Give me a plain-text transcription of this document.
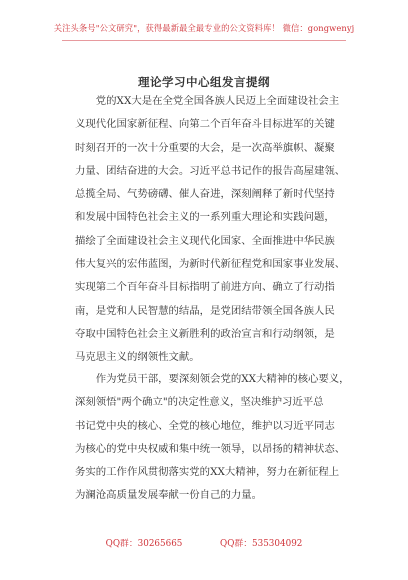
关注头条号"公文研究"，获得最新最全最专业的公文资料库！ 微信：gongwenyj
理论学习中心组发言提纲
　　党的XX大是在全党全国各族人民迈上全面建设社会主
义现代化国家新征程、向第二个百年奋斗目标进军的关键
时刻召开的一次十分重要的大会，是一次高举旗帜、凝聚
力量、团结奋进的大会。习近平总书记作的报告高屋建瓴、
总揽全局、气势磅礴、催人奋进，深刻阐释了新时代坚持
和发展中国特色社会主义的一系列重大理论和实践问题，
描绘了全面建设社会主义现代化国家、全面推进中华民族
伟大复兴的宏伟蓝图，为新时代新征程党和国家事业发展、
实现第二个百年奋斗目标指明了前进方向、确立了行动指
南，是党和人民智慧的结晶，是党团结带领全国各族人民
夺取中国特色社会主义新胜利的政治宣言和行动纲领，是
马克思主义的纲领性文献。
　　作为党员干部，要深刻领会党的XX大精神的核心要义，
深刻领悟"两个确立"的决定性意义，坚决维护习近平总
书记党中央的核心、全党的核心地位，维护以习近平同志
为核心的党中央权威和集中统一领导，以昂扬的精神状态、
务实的工作作风贯彻落实党的XX大精神，努力在新征程上
为澜沧高质量发展奉献一份自己的力量。
QQ群：30265665	QQ群：535304092
